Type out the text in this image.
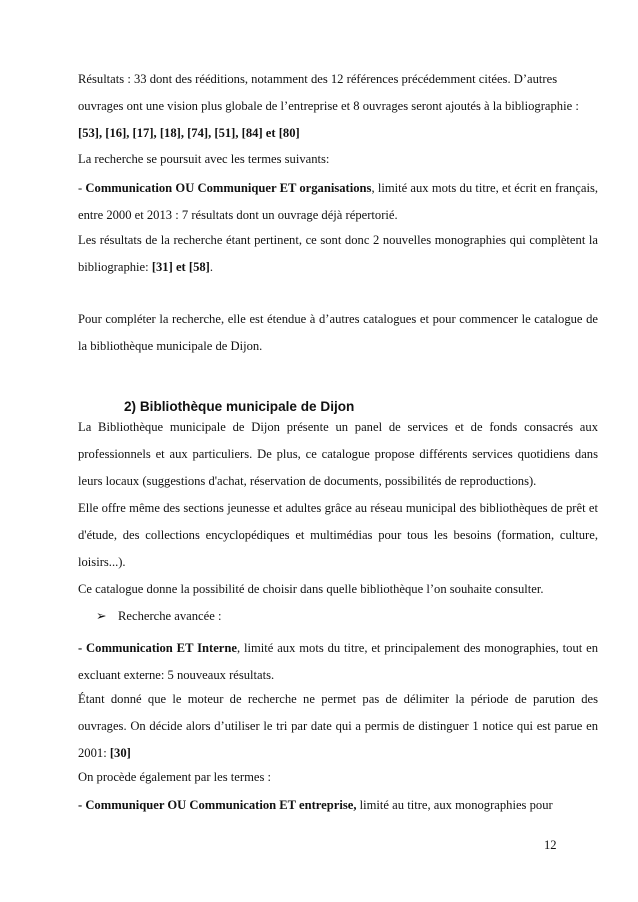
Résultats : 33 dont des rééditions, notamment des 12 références précédemment citées. D’autres
ouvrages ont une vision plus globale de l’entreprise et 8 ouvrages seront ajoutés à la bibliographie :
[53], [16], [17], [18], [74], [51], [84] et [80]
La recherche se poursuit avec les termes suivants:
- Communication OU Communiquer ET organisations, limité aux mots du titre, et écrit en français, entre 2000 et 2013 : 7 résultats dont un ouvrage déjà répertorié.
Les résultats de la recherche étant pertinent, ce sont donc 2 nouvelles monographies qui complètent la bibliographie: [31] et [58].
Pour compléter la recherche, elle est étendue à d’autres catalogues et pour commencer le catalogue de la bibliothèque municipale de Dijon.
2) Bibliothèque municipale de Dijon
La Bibliothèque municipale de Dijon présente un panel de services et de fonds consacrés aux professionnels et aux particuliers. De plus, ce catalogue propose différents services quotidiens dans leurs locaux (suggestions d'achat, réservation de documents, possibilités de reproductions).
Elle offre même des sections jeunesse et adultes grâce au réseau municipal des bibliothèques de prêt et d'étude, des collections encyclopédiques et multimédias pour tous les besoins (formation, culture, loisirs...).
Ce catalogue donne la possibilité de choisir dans quelle bibliothèque l’on souhaite consulter.
➢ Recherche avancée :
- Communication ET Interne, limité aux mots du titre, et principalement des monographies, tout en excluant externe: 5 nouveaux résultats.
Étant donné que le moteur de recherche ne permet pas de délimiter la période de parution des ouvrages. On décide alors d’utiliser le tri par date qui a permis de distinguer 1 notice qui est parue en 2001: [30]
On procède également par les termes :
- Communiquer OU Communication ET entreprise, limité au titre, aux monographies pour
12
